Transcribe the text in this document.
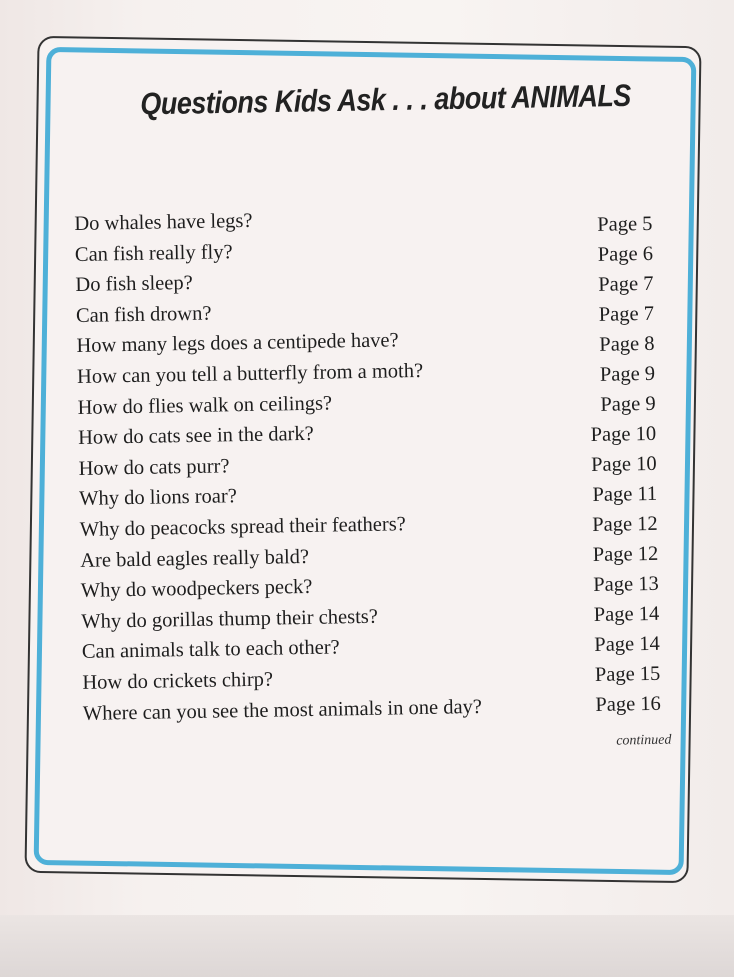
Questions Kids Ask . . . about ANIMALS
Do whales have legs?	Page 5
Can fish really fly?	Page 6
Do fish sleep?	Page 7
Can fish drown?	Page 7
How many legs does a centipede have?	Page 8
How can you tell a butterfly from a moth?	Page 9
How do flies walk on ceilings?	Page 9
How do cats see in the dark?	Page 10
How do cats purr?	Page 10
Why do lions roar?	Page 11
Why do peacocks spread their feathers?	Page 12
Are bald eagles really bald?	Page 12
Why do woodpeckers peck?	Page 13
Why do gorillas thump their chests?	Page 14
Can animals talk to each other?	Page 14
How do crickets chirp?	Page 15
Where can you see the most animals in one day?	Page 16
continued
